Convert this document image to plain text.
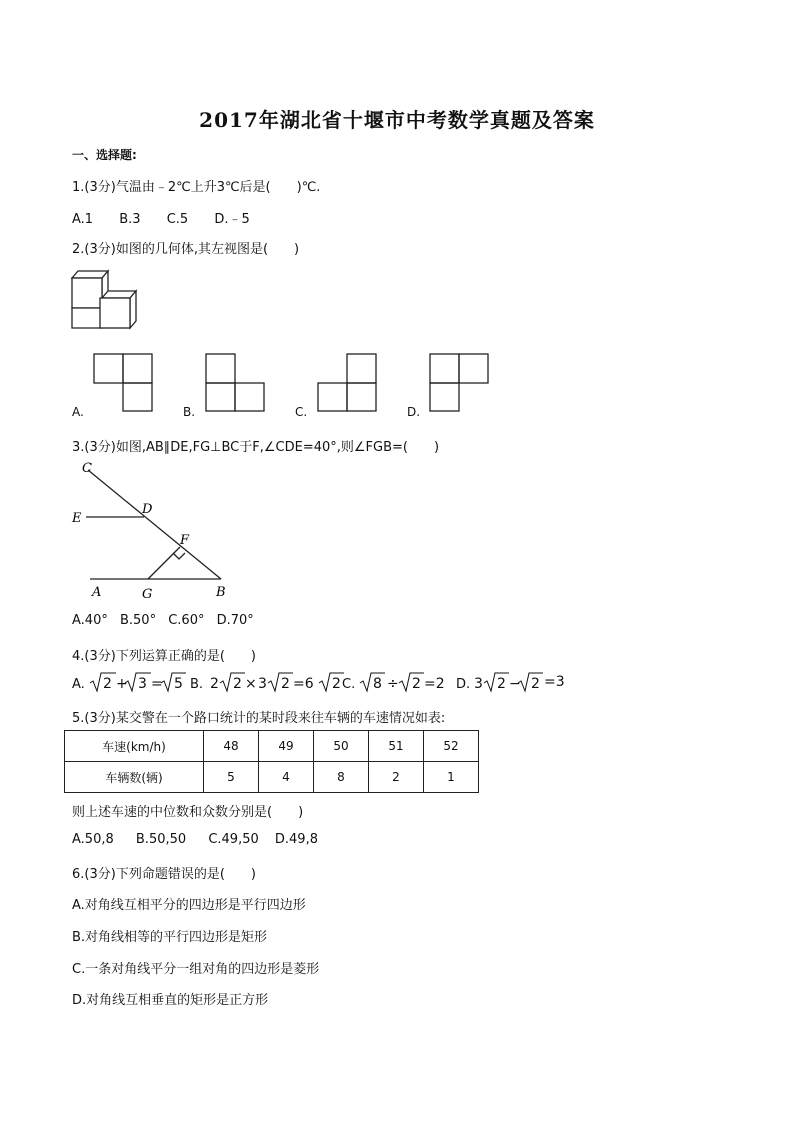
2017年湖北省十堰市中考数学真题及答案
一、选择题:
1.(3分)气温由﹣2℃上升3℃后是(　　)℃.
A.1 B.3 C.5 D.﹣5
2.(3分)如图的几何体,其左视图是(　　)
A.	B.	C.	D.
3.(3分)如图,AB∥DE,FG⊥BC于F,∠CDE=40°,则∠FGB=(　　)
C
D
E
F
A	G	B
A.40° B.50° C.60° D.70°
4.(3分)下列运算正确的是(　　)
A. 2 + 3 = 5 B. 2 2 × 3 2 =6 2 C. 8 ÷ 2 =2 D. 3 2 − 2 =3
5.(3分)某交警在一个路口统计的某时段来往车辆的车速情况如表:
车速(km/h)	48	49	50	51	52
车辆数(辆)	5	4	8	2	1
则上述车速的中位数和众数分别是(　　)
A.50,8 B.50,50 C.49,50 D.49,8
6.(3分)下列命题错误的是(　　)
A.对角线互相平分的四边形是平行四边形
B.对角线相等的平行四边形是矩形
C.一条对角线平分一组对角的四边形是菱形
D.对角线互相垂直的矩形是正方形
